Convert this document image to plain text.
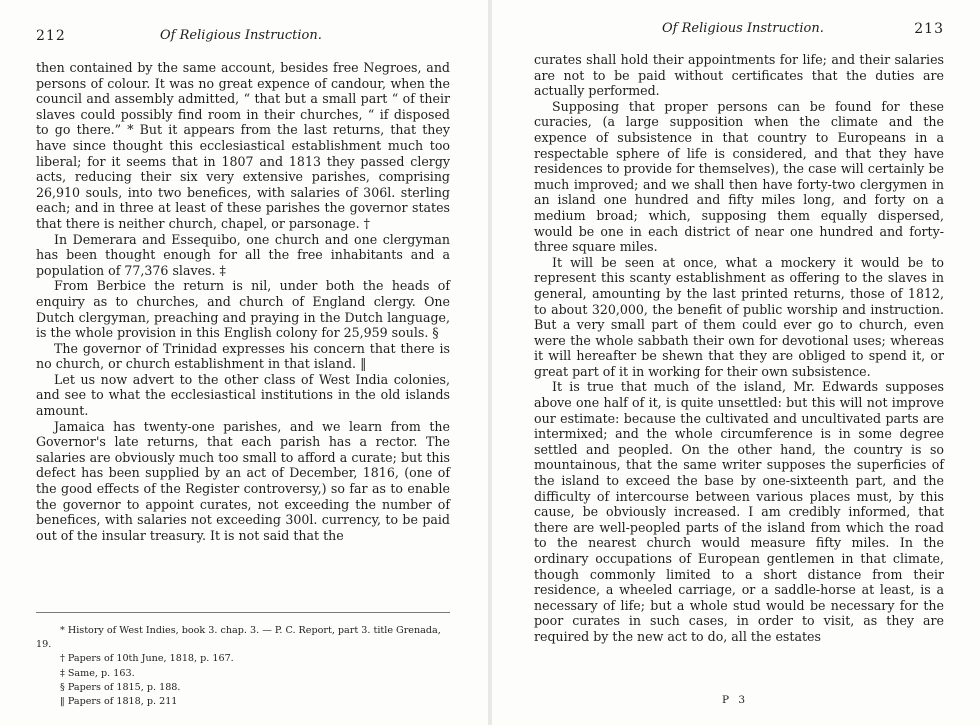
212	Of Religious Instruction.

then contained by the same account, besides free Negroes, and persons of colour. It was no great expence of candour, when the council and assembly admitted, “ that but a small part “ of their slaves could possibly find room in their churches, “ if disposed to go there.” * But it appears from the last returns, that they have since thought this ecclesiastical establishment much too liberal; for it seems that in 1807 and 1813 they passed clergy acts, reducing their six very extensive parishes, comprising 26,910 souls, into two benefices, with salaries of 306l. sterling each; and in three at least of these parishes the governor states that there is neither church, chapel, or parsonage. †

In Demerara and Essequibo, one church and one clergyman has been thought enough for all the free inhabitants and a population of 77,376 slaves. ‡

From Berbice the return is nil, under both the heads of enquiry as to churches, and church of England clergy. One Dutch clergyman, preaching and praying in the Dutch language, is the whole provision in this English colony for 25,959 souls. §

The governor of Trinidad expresses his concern that there is no church, or church establishment in that island. ‖

Let us now advert to the other class of West India colonies, and see to what the ecclesiastical institutions in the old islands amount.

Jamaica has twenty-one parishes, and we learn from the Governor's late returns, that each parish has a rector. The salaries are obviously much too small to afford a curate; but this defect has been supplied by an act of December, 1816, (one of the good effects of the Register controversy,) so far as to enable the governor to appoint curates, not exceeding the number of benefices, with salaries not exceeding 300l. currency, to be paid out of the insular treasury. It is not said that the

* History of West Indies, book 3. chap. 3. — P. C. Report, part 3. title Grenada, 19.

† Papers of 10th June, 1818, p. 167.

‡ Same, p. 163.

§ Papers of 1815, p. 188.

‖ Papers of 1818, p. 211

Of Religious Instruction.	213

curates shall hold their appointments for life; and their salaries are not to be paid without certificates that the duties are actually performed.

Supposing that proper persons can be found for these curacies, (a large supposition when the climate and the expence of subsistence in that country to Europeans in a respectable sphere of life is considered, and that they have residences to provide for themselves), the case will certainly be much improved; and we shall then have forty-two clergymen in an island one hundred and fifty miles long, and forty on a medium broad; which, supposing them equally dispersed, would be one in each district of near one hundred and forty-three square miles.

It will be seen at once, what a mockery it would be to represent this scanty establishment as offering to the slaves in general, amounting by the last printed returns, those of 1812, to about 320,000, the benefit of public worship and instruction. But a very small part of them could ever go to church, even were the whole sabbath their own for devotional uses; whereas it will hereafter be shewn that they are obliged to spend it, or great part of it in working for their own subsistence.

It is true that much of the island, Mr. Edwards supposes above one half of it, is quite unsettled: but this will not improve our estimate: because the cultivated and uncultivated parts are intermixed; and the whole circumference is in some degree settled and peopled. On the other hand, the country is so mountainous, that the same writer supposes the superficies of the island to exceed the base by one-sixteenth part, and the difficulty of intercourse between various places must, by this cause, be obviously increased. I am credibly informed, that there are well-peopled parts of the island from which the road to the nearest church would measure fifty miles. In the ordinary occupations of European gentlemen in that climate, though commonly limited to a short distance from their residence, a wheeled carriage, or a saddle-horse at least, is a necessary of life; but a whole stud would be necessary for the poor curates in such cases, in order to visit, as they are required by the new act to do, all the estates

P 3
